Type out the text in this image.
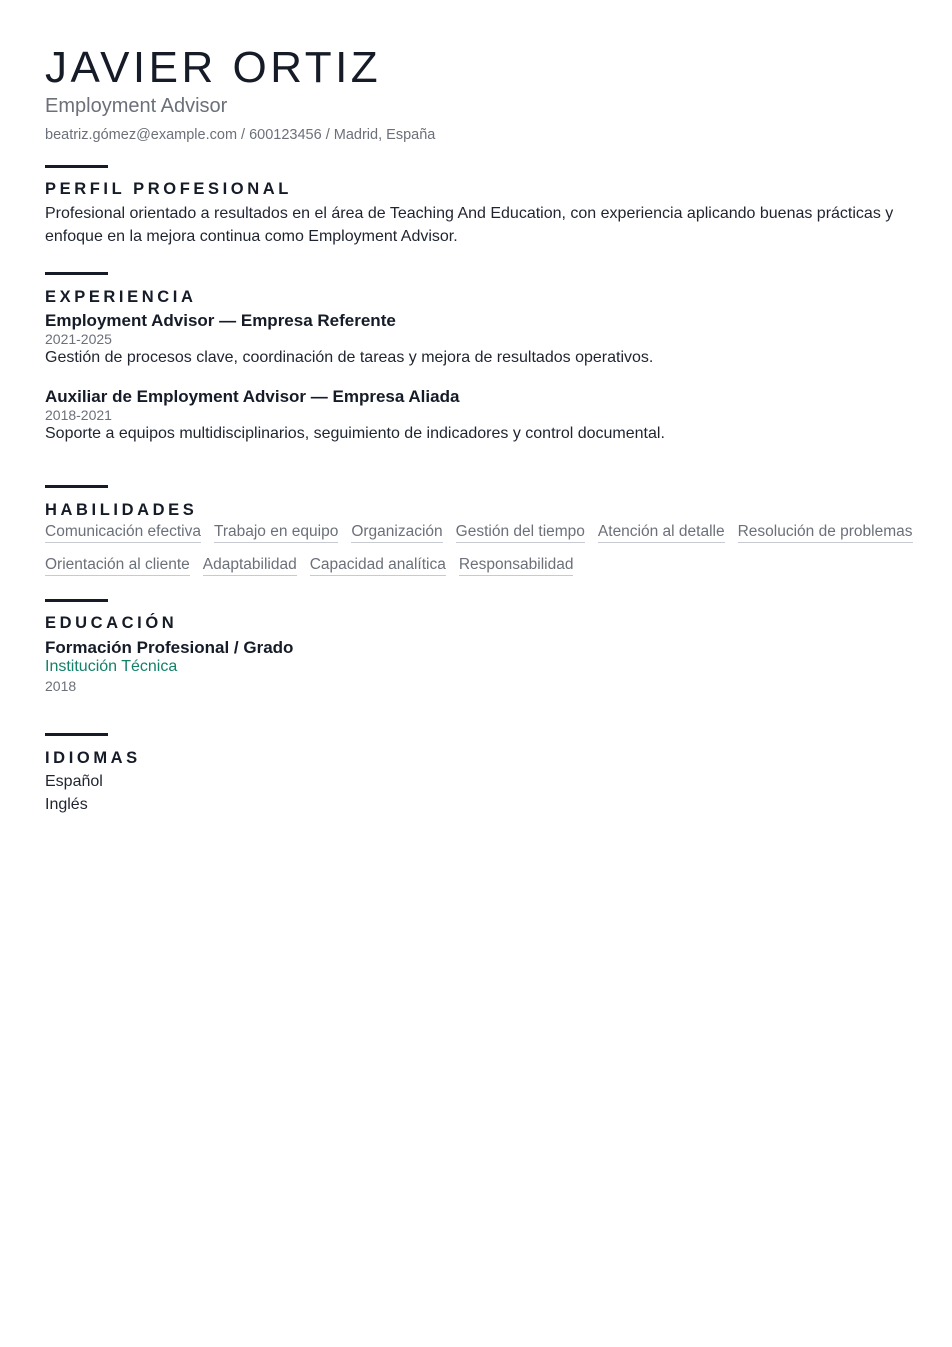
JAVIER ORTIZ
Employment Advisor
beatriz.gómez@example.com / 600123456 / Madrid, España
PERFIL PROFESIONAL
Profesional orientado a resultados en el área de Teaching And Education, con experiencia aplicando buenas prácticas y enfoque en la mejora continua como Employment Advisor.
EXPERIENCIA
Employment Advisor — Empresa Referente
2021-2025
Gestión de procesos clave, coordinación de tareas y mejora de resultados operativos.
Auxiliar de Employment Advisor — Empresa Aliada
2018-2021
Soporte a equipos multidisciplinarios, seguimiento de indicadores y control documental.
HABILIDADES
Comunicación efectiva Trabajo en equipo Organización Gestión del tiempo Atención al detalle Resolución de problemas
Orientación al cliente Adaptabilidad Capacidad analítica Responsabilidad
EDUCACIÓN
Formación Profesional / Grado
Institución Técnica
2018
IDIOMAS
Español
Inglés
